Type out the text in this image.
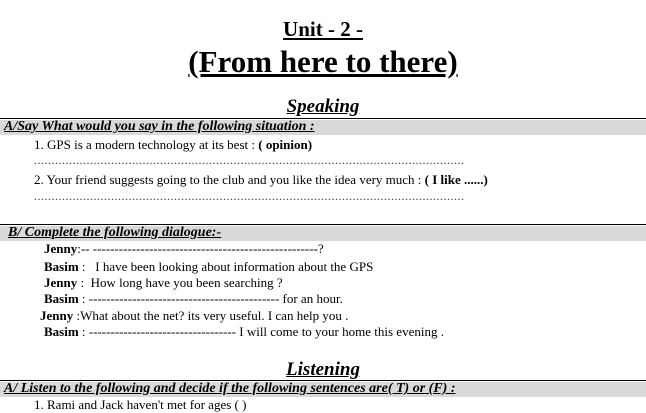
Unit - 2 -
(From here to there)
Speaking
A/Say What would you say in the following situation :
1. GPS is a modern technology at its best : ( opinion)
...........................................................................................................................
2. Your friend suggests going to the club and you like the idea very much : ( I like ......)
...........................................................................................................................
B/ Complete the following dialogue:-
Jenny:-- ----------------------------------------------------?
Basim : I have been looking about information about the GPS
Jenny : How long have you been searching ?
Basim : -------------------------------------------- for an hour.
Jenny :What about the net? its very useful. I can help you .
Basim : ---------------------------------- I will come to your home this evening .
Listening
A/ Listen to the following and decide if the following sentences are( T) or (F) :
1. Rami and Jack haven't met for ages ( )
